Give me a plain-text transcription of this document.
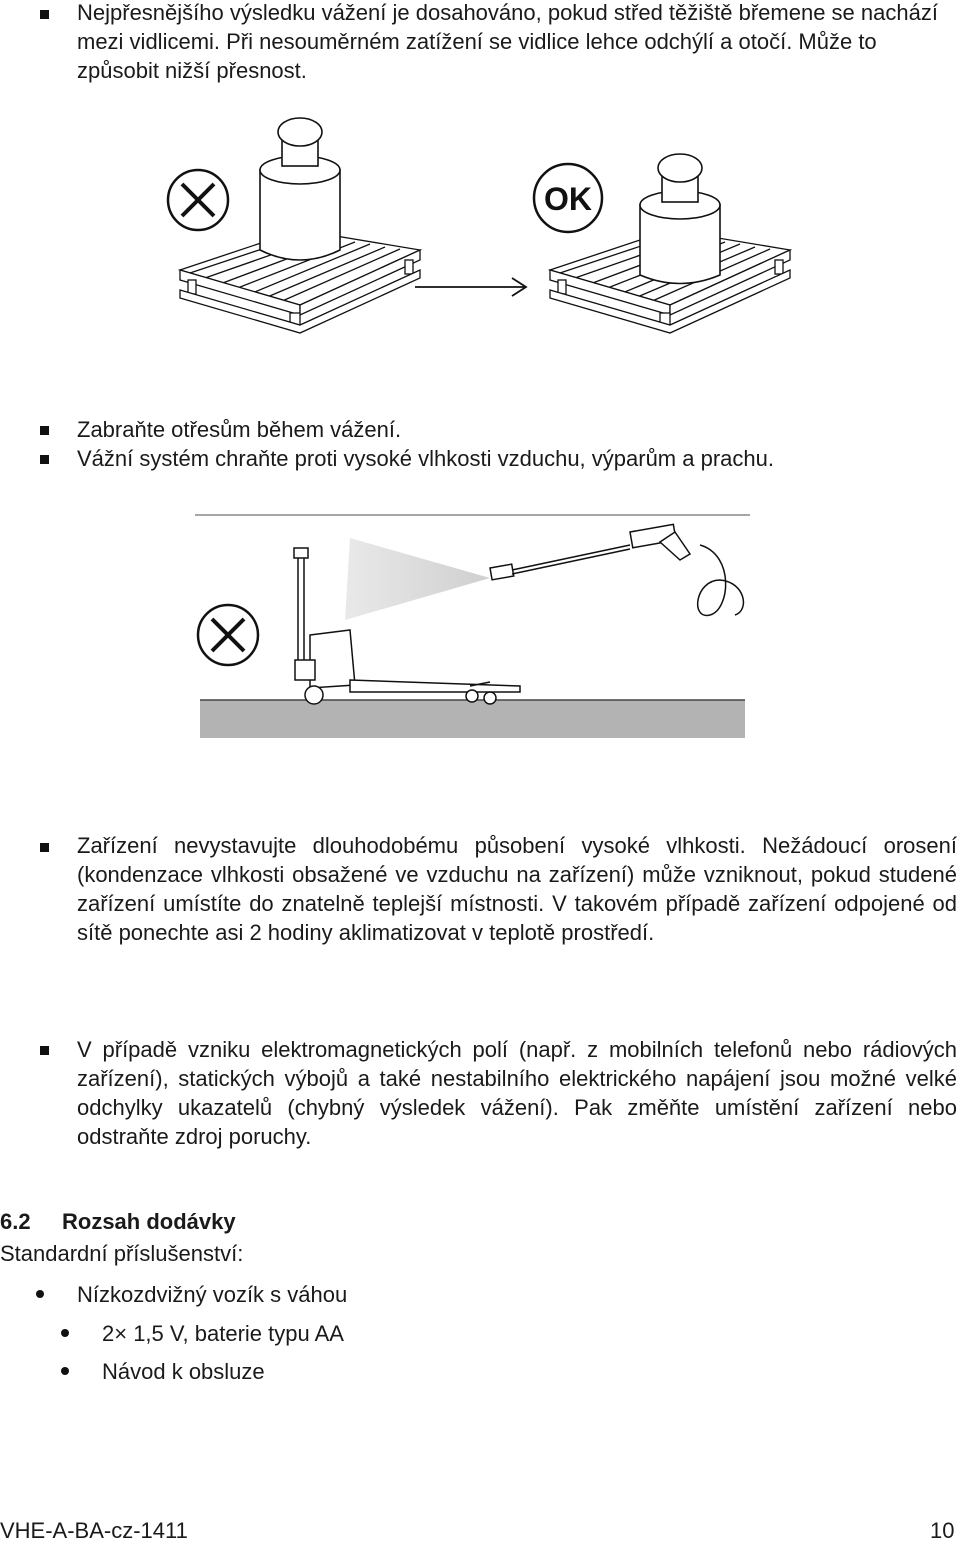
Nejpřesnějšího výsledku vážení je dosahováno, pokud střed těžiště břemene se nachází mezi vidlicemi. Při nesouměrném zatížení se vidlice lehce odchýlí a otočí. Může to způsobit nižší přesnost.
OK
Zabraňte otřesům během vážení.
Vážní systém chraňte proti vysoké vlhkosti vzduchu, výparům a prachu.
Zařízení nevystavujte dlouhodobému působení vysoké vlhkosti. Nežádoucí orosení (kondenzace vlhkosti obsažené ve vzduchu na zařízení) může vzniknout, pokud studené zařízení umístíte do znatelně teplejší místnosti. V takovém případě zařízení odpojené od sítě ponechte asi 2 hodiny aklimatizovat v teplotě prostředí.
V případě vzniku elektromagnetických polí (např. z mobilních telefonů nebo rádiových zařízení), statických výbojů a také nestabilního elektrického napájení jsou možné velké odchylky ukazatelů (chybný výsledek vážení). Pak změňte umístění zařízení nebo odstraňte zdroj poruchy.
6.2 Rozsah dodávky
Standardní příslušenství:
Nízkozdvižný vozík s váhou
2× 1,5 V, baterie typu AA
Návod k obsluze
VHE-A-BA-cz-1411	10
